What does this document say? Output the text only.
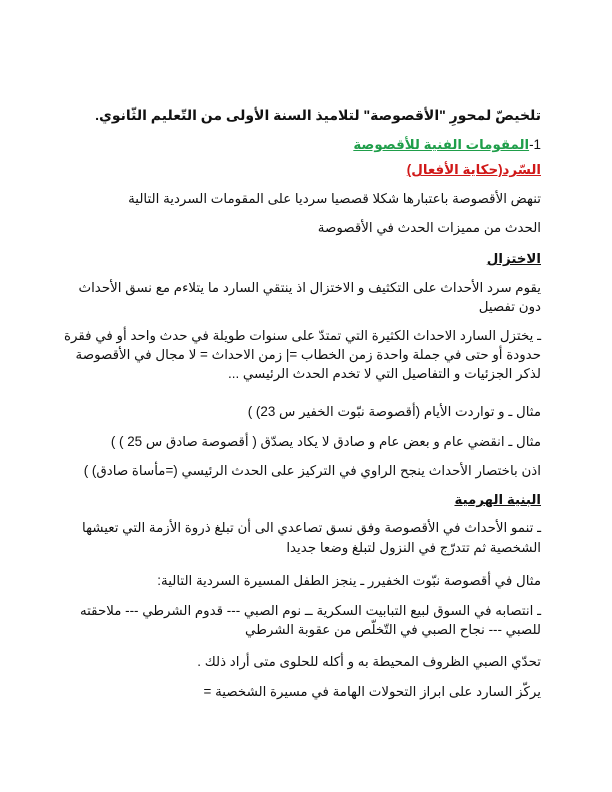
تلخيصّ لمحورِ "الأقصوصة" لتلاميذ السنة الأولى من التّعليم الثّانوي.
1-المقومات الفنية للأقصوصة
السّرد(حكاية الأفعال)
تنهض الأقصوصة باعتبارها شكلا قصصيا سرديا على المقومات السردية التالية
الحدث من مميزات الحدث في الأقصوصة
الاختزال
يقوم سرد الأحداث على التكثيف و الاختزال اذ ينتقي السارد ما يتلاءم مع نسق الأحداث
دون تفصيل
ـ يختزل السارد الاحداث الكثيرة التي تمتدّ على سنوات طويلة في حدث واحد أو في فقرة
حدودة أو حتى في جملة واحدة زمن الخطاب =| زمن الاحداث = لا مجال في الأقصوصة
لذكر الجزئيات و التفاصيل التي لا تخدم الحدث الرئيسي ...
مثال ـ و تواردت الأيام (أقصوصة نبّوت الخفير س 23) )
مثال ـ انقضي عام و بعض عام و صادق لا يكاد يصدّق ( أقصوصة صادق س 25 ) )
اذن باختصار الأحداث ينجح الراوي في التركيز على الحدث الرئيسي (=مأساة صادق) )
البنية الهرمية
ـ تنمو الأحداث في الأقصوصة وفق نسق تصاعدي الى أن تبلغ ذروة الأزمة التي تعيشها
الشخصية ثم تتدرّج في النزول لتبلغ وضعا جديدا
مثال في أقصوصة نبّوت الخفيرر ـ ينجز الطفل المسيرة السردية التالية:
ـ انتصابه في السوق لبيع التبابيت السكرية ــ نوم الصبي --- قدوم الشرطي --- ملاحقته
للصبي --- نجاح الصبي في التّخلّص من عقوبة الشرطي
تحدّي الصبي الظروف المحيطة به و أكله للحلوى متى أراد ذلك .
يركّز السارد على ابراز التحولات الهامة في مسيرة الشخصية =
